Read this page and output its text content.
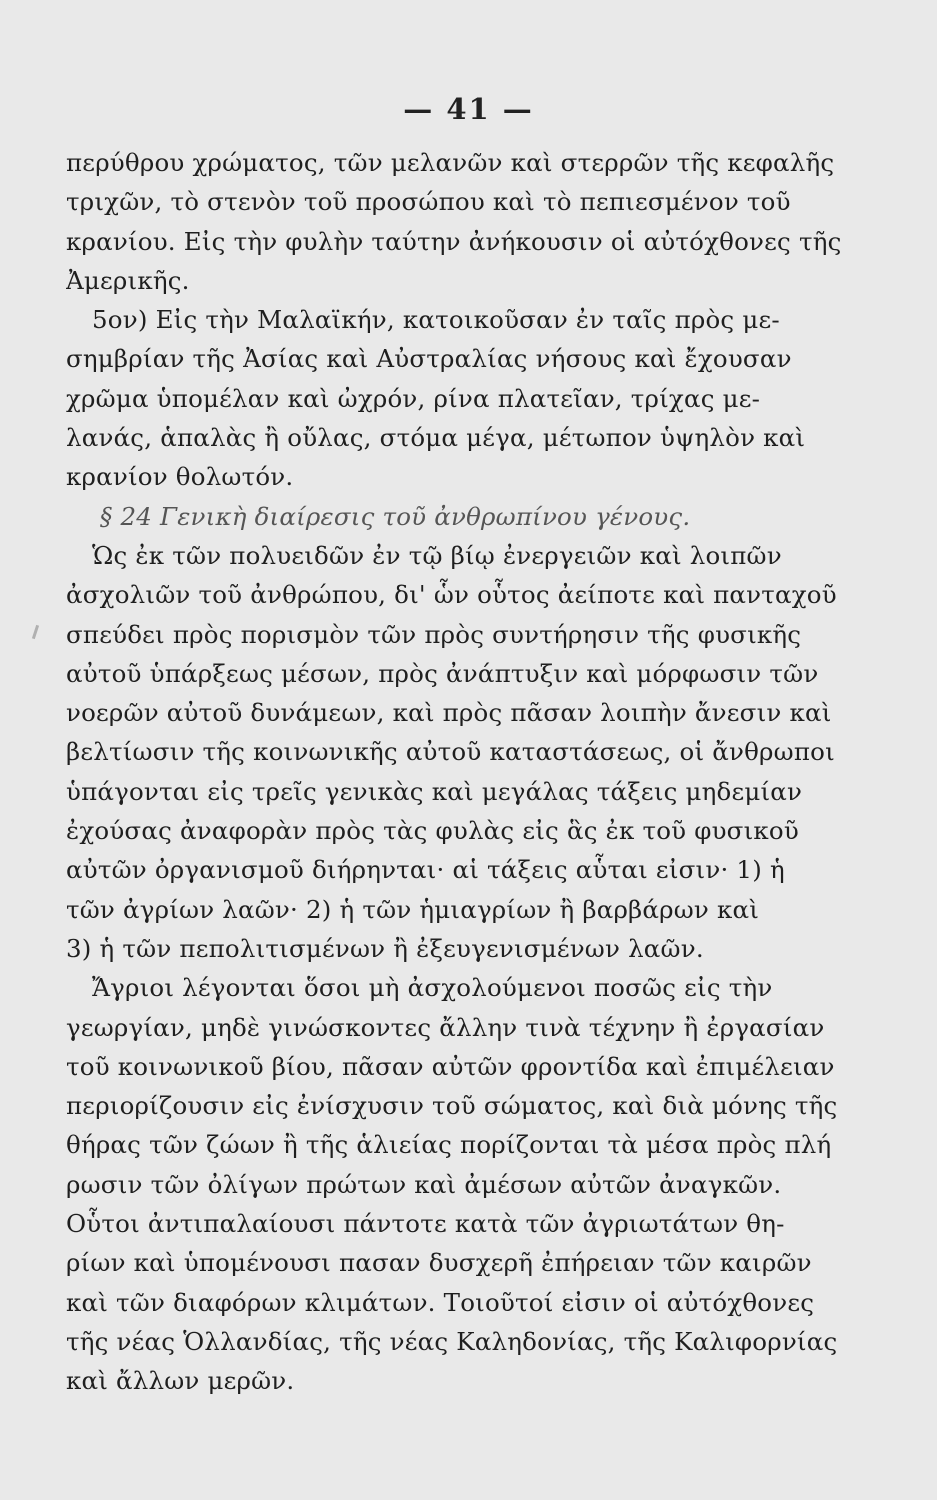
— 41 —
περύθρου χρώματος, τῶν μελανῶν καὶ στερρῶν τῆς κεφαλῆς
τριχῶν, τὸ στενὸν τοῦ προσώπου καὶ τὸ πεπιεσμένον τοῦ
κρανίου. Εἰς τὴν φυλὴν ταύτην ἀνήκουσιν οἱ αὐτόχθονες τῆς
Ἀμερικῆς.
5ον) Εἰς τὴν Μαλαϊκήν, κατοικοῦσαν ἐν ταῖς πρὸς με-
σημβρίαν τῆς Ἀσίας καὶ Αὐστραλίας νήσους καὶ ἔχουσαν
χρῶμα ὑπομέλαν καὶ ὠχρόν, ρίνα πλατεῖαν, τρίχας με-
λανάς, ἁπαλὰς ἢ οὔλας, στόμα μέγα, μέτωπον ὑψηλὸν καὶ
κρανίον θολωτόν.
§ 24 Γενικὴ διαίρεσις τοῦ ἀνθρωπίνου γένους.
Ὡς ἐκ τῶν πολυειδῶν ἐν τῷ βίῳ ἐνεργειῶν καὶ λοιπῶν
ἀσχολιῶν τοῦ ἀνθρώπου, δι' ὧν οὗτος ἀείποτε καὶ πανταχοῦ
σπεύδει πρὸς πορισμὸν τῶν πρὸς συντήρησιν τῆς φυσικῆς
αὐτοῦ ὑπάρξεως μέσων, πρὸς ἀνάπτυξιν καὶ μόρφωσιν τῶν
νοερῶν αὐτοῦ δυνάμεων, καὶ πρὸς πᾶσαν λοιπὴν ἄνεσιν καὶ
βελτίωσιν τῆς κοινωνικῆς αὐτοῦ καταστάσεως, οἱ ἄνθρωποι
ὑπάγονται εἰς τρεῖς γενικὰς καὶ μεγάλας τάξεις μηδεμίαν
ἐχούσας ἀναφορὰν πρὸς τὰς φυλὰς εἰς ἃς ἐκ τοῦ φυσικοῦ
αὐτῶν ὀργανισμοῦ διήρηνται· αἱ τάξεις αὗται εἰσιν· 1) ἡ
τῶν ἀγρίων λαῶν· 2) ἡ τῶν ἡμιαγρίων ἢ βαρβάρων καὶ
3) ἡ τῶν πεπολιτισμένων ἢ ἐξευγενισμένων λαῶν.
Ἄγριοι λέγονται ὅσοι μὴ ἀσχολούμενοι ποσῶς εἰς τὴν
γεωργίαν, μηδὲ γινώσκοντες ἄλλην τινὰ τέχνην ἢ ἐργασίαν
τοῦ κοινωνικοῦ βίου, πᾶσαν αὐτῶν φροντίδα καὶ ἐπιμέλειαν
περιορίζουσιν εἰς ἐνίσχυσιν τοῦ σώματος, καὶ διὰ μόνης τῆς
θήρας τῶν ζώων ἢ τῆς ἁλιείας πορίζονται τὰ μέσα πρὸς πλή
ρωσιν τῶν ὀλίγων πρώτων καὶ ἀμέσων αὐτῶν ἀναγκῶν.
Οὗτοι ἀντιπαλαίουσι πάντοτε κατὰ τῶν ἀγριωτάτων θη-
ρίων καὶ ὑπομένουσι πασαν δυσχερῆ ἐπήρειαν τῶν καιρῶν
καὶ τῶν διαφόρων κλιμάτων. Τοιοῦτοί εἰσιν οἱ αὐτόχθονες
τῆς νέας Ὁλλανδίας, τῆς νέας Καληδονίας, τῆς Καλιφορνίας
καὶ ἄλλων μερῶν.
